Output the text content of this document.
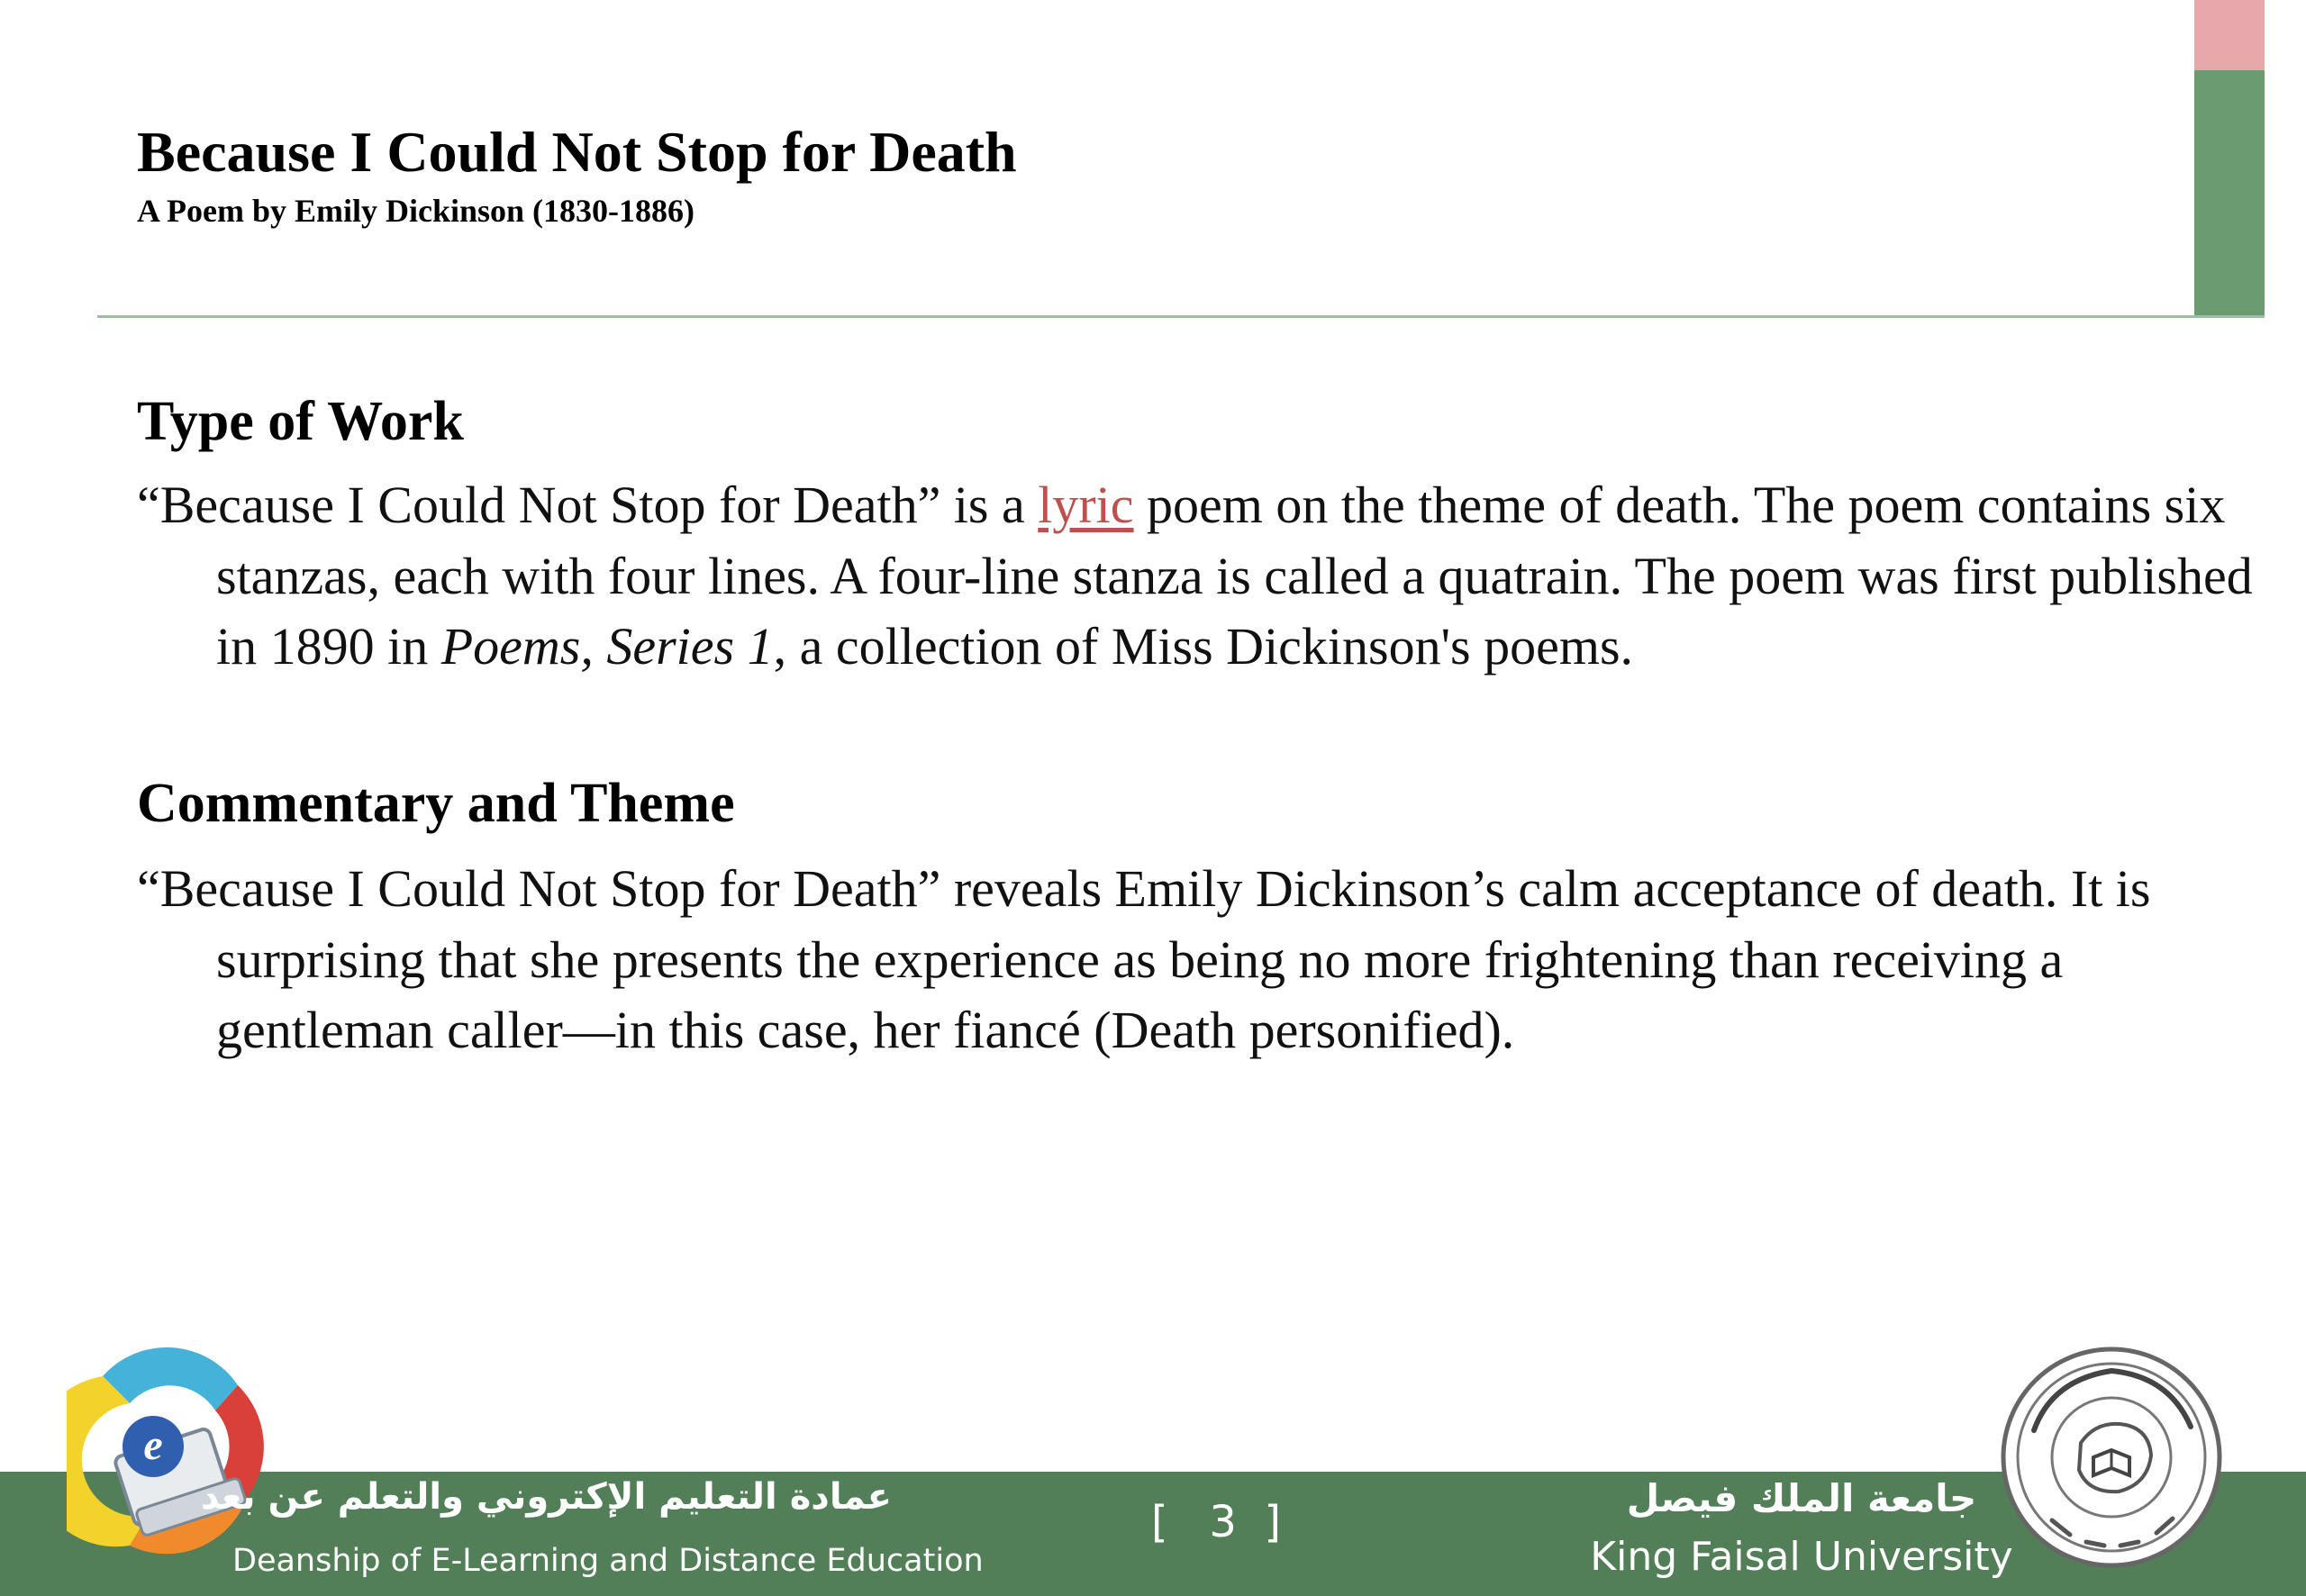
Because I Could Not Stop for Death
A Poem by Emily Dickinson (1830-1886)
Type of Work

“Because I Could Not Stop for Death” is a lyric poem on the theme of death. The poem contains six stanzas, each with four lines. A four-line stanza is called a quatrain. The poem was first published in 1890 in Poems, Series 1, a collection of Miss Dickinson's poems.

Commentary and Theme

“Because I Could Not Stop for Death” reveals Emily Dickinson’s calm acceptance of death. It is surprising that she presents the experience as being no more frightening than receiving a gentleman caller—in this case, her fiancé (Death personified).

e
عمادة التعليم الإكتروني والتعلم عن بعد
Deanship of E-Learning and Distance Education
[   3  ]	جامعة الملك فيصل
King Faisal University
